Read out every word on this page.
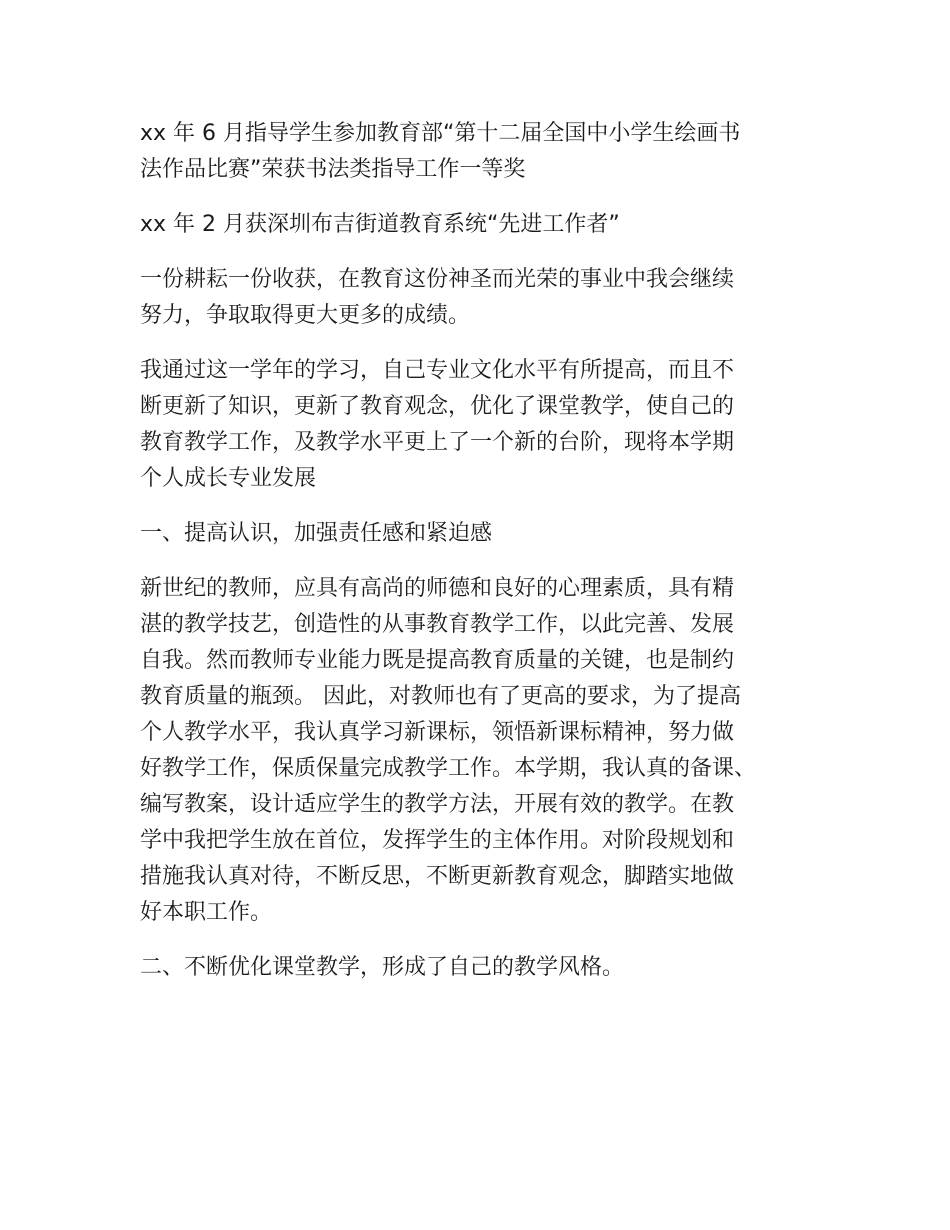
xx 年 6 月指导学生参加教育部“第十二届全国中小学生绘画书
法作品比赛”荣获书法类指导工作一等奖

xx 年 2 月获深圳布吉街道教育系统“先进工作者”

一份耕耘一份收获，在教育这份神圣而光荣的事业中我会继续
努力，争取取得更大更多的成绩。

我通过这一学年的学习，自己专业文化水平有所提高，而且不
断更新了知识，更新了教育观念，优化了课堂教学，使自己的
教育教学工作，及教学水平更上了一个新的台阶，现将本学期
个人成长专业发展

一、提高认识，加强责任感和紧迫感

新世纪的教师，应具有高尚的师德和良好的心理素质，具有精
湛的教学技艺，创造性的从事教育教学工作，以此完善、发展
自我。然而教师专业能力既是提高教育质量的关键，也是制约
教育质量的瓶颈。 因此，对教师也有了更高的要求，为了提高
个人教学水平，我认真学习新课标，领悟新课标精神，努力做
好教学工作，保质保量完成教学工作。本学期，我认真的备课、
编写教案，设计适应学生的教学方法，开展有效的教学。在教
学中我把学生放在首位，发挥学生的主体作用。对阶段规划和
措施我认真对待，不断反思，不断更新教育观念，脚踏实地做
好本职工作。

二、不断优化课堂教学，形成了自己的教学风格。
